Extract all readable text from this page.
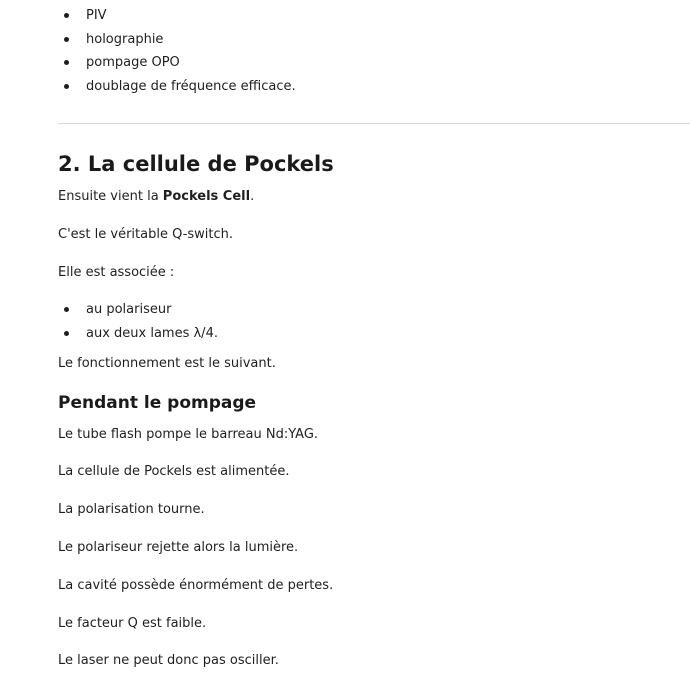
PIV
holographie
pompage OPO
doublage de fréquence efficace.
2. La cellule de Pockels

Ensuite vient la Pockels Cell.

C'est le véritable Q-switch.

Elle est associée :

au polariseur
aux deux lames λ/4.

Le fonctionnement est le suivant.

Pendant le pompage

Le tube flash pompe le barreau Nd:YAG.

La cellule de Pockels est alimentée.

La polarisation tourne.

Le polariseur rejette alors la lumière.

La cavité possède énormément de pertes.

Le facteur Q est faible.

Le laser ne peut donc pas osciller.
